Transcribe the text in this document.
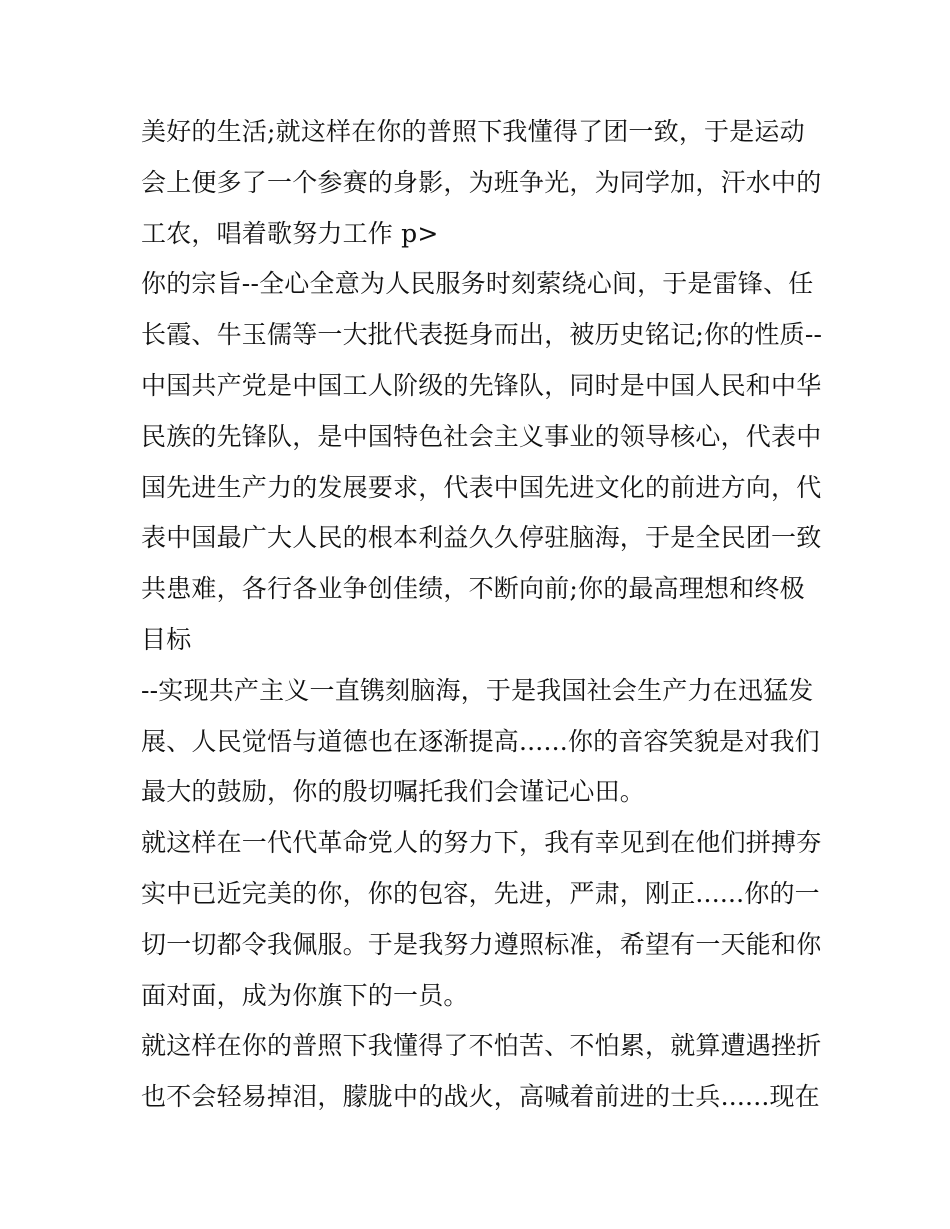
美好的生活;就这样在你的普照下我懂得了团一致，于是运动
会上便多了一个参赛的身影，为班争光，为同学加，汗水中的
工农，唱着歌努力工作 p>
你的宗旨--全心全意为人民服务时刻萦绕心间，于是雷锋、任
长霞、牛玉儒等一大批代表挺身而出，被历史铭记;你的性质--
中国共产党是中国工人阶级的先锋队，同时是中国人民和中华
民族的先锋队，是中国特色社会主义事业的领导核心，代表中
国先进生产力的发展要求，代表中国先进文化的前进方向，代
表中国最广大人民的根本利益久久停驻脑海，于是全民团一致
共患难，各行各业争创佳绩，不断向前;你的最高理想和终极
目标
--实现共产主义一直镌刻脑海，于是我国社会生产力在迅猛发
展、人民觉悟与道德也在逐渐提高......你的音容笑貌是对我们
最大的鼓励，你的殷切嘱托我们会谨记心田。
就这样在一代代革命党人的努力下，我有幸见到在他们拼搏夯
实中已近完美的你，你的包容，先进，严肃，刚正......你的一
切一切都令我佩服。于是我努力遵照标准，希望有一天能和你
面对面，成为你旗下的一员。
就这样在你的普照下我懂得了不怕苦、不怕累，就算遭遇挫折
也不会轻易掉泪，朦胧中的战火，高喊着前进的士兵......现在
